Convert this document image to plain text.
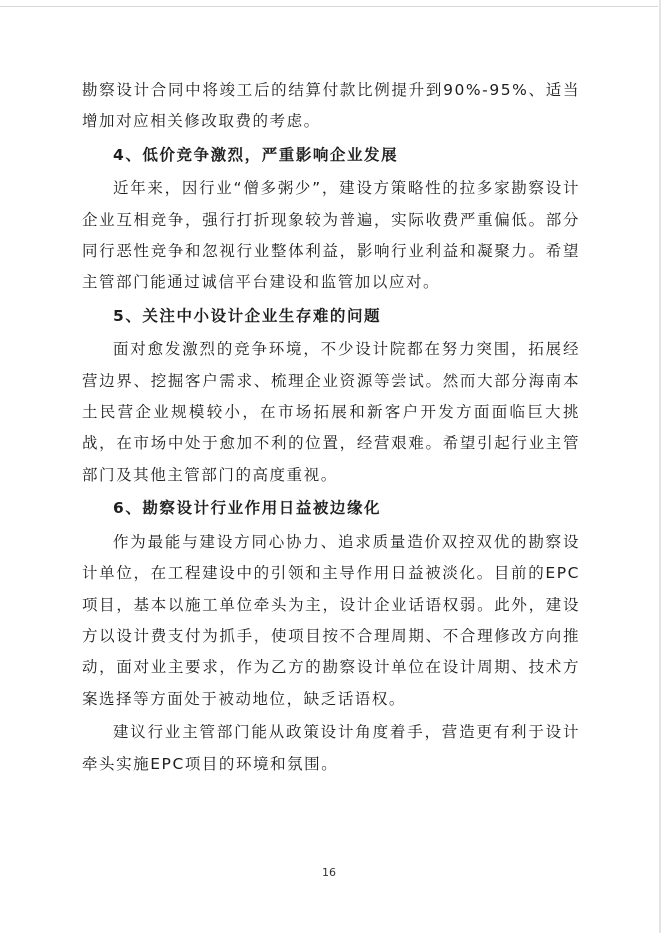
勘察设计合同中将竣工后的结算付款比例提升到90%-95%、适当增加对应相关修改取费的考虑。

4、低价竞争激烈，严重影响企业发展

近年来，因行业“僧多粥少”，建设方策略性的拉多家勘察设计企业互相竞争，强行打折现象较为普遍，实际收费严重偏低。部分同行恶性竞争和忽视行业整体利益，影响行业利益和凝聚力。希望主管部门能通过诚信平台建设和监管加以应对。

5、关注中小设计企业生存难的问题

面对愈发激烈的竞争环境，不少设计院都在努力突围，拓展经营边界、挖掘客户需求、梳理企业资源等尝试。然而大部分海南本土民营企业规模较小，在市场拓展和新客户开发方面面临巨大挑战，在市场中处于愈加不利的位置，经营艰难。希望引起行业主管部门及其他主管部门的高度重视。

6、勘察设计行业作用日益被边缘化

作为最能与建设方同心协力、追求质量造价双控双优的勘察设计单位，在工程建设中的引领和主导作用日益被淡化。目前的EPC项目，基本以施工单位牵头为主，设计企业话语权弱。此外，建设方以设计费支付为抓手，使项目按不合理周期、不合理修改方向推动，面对业主要求，作为乙方的勘察设计单位在设计周期、技术方案选择等方面处于被动地位，缺乏话语权。

建议行业主管部门能从政策设计角度着手，营造更有利于设计牵头实施EPC项目的环境和氛围。

16
